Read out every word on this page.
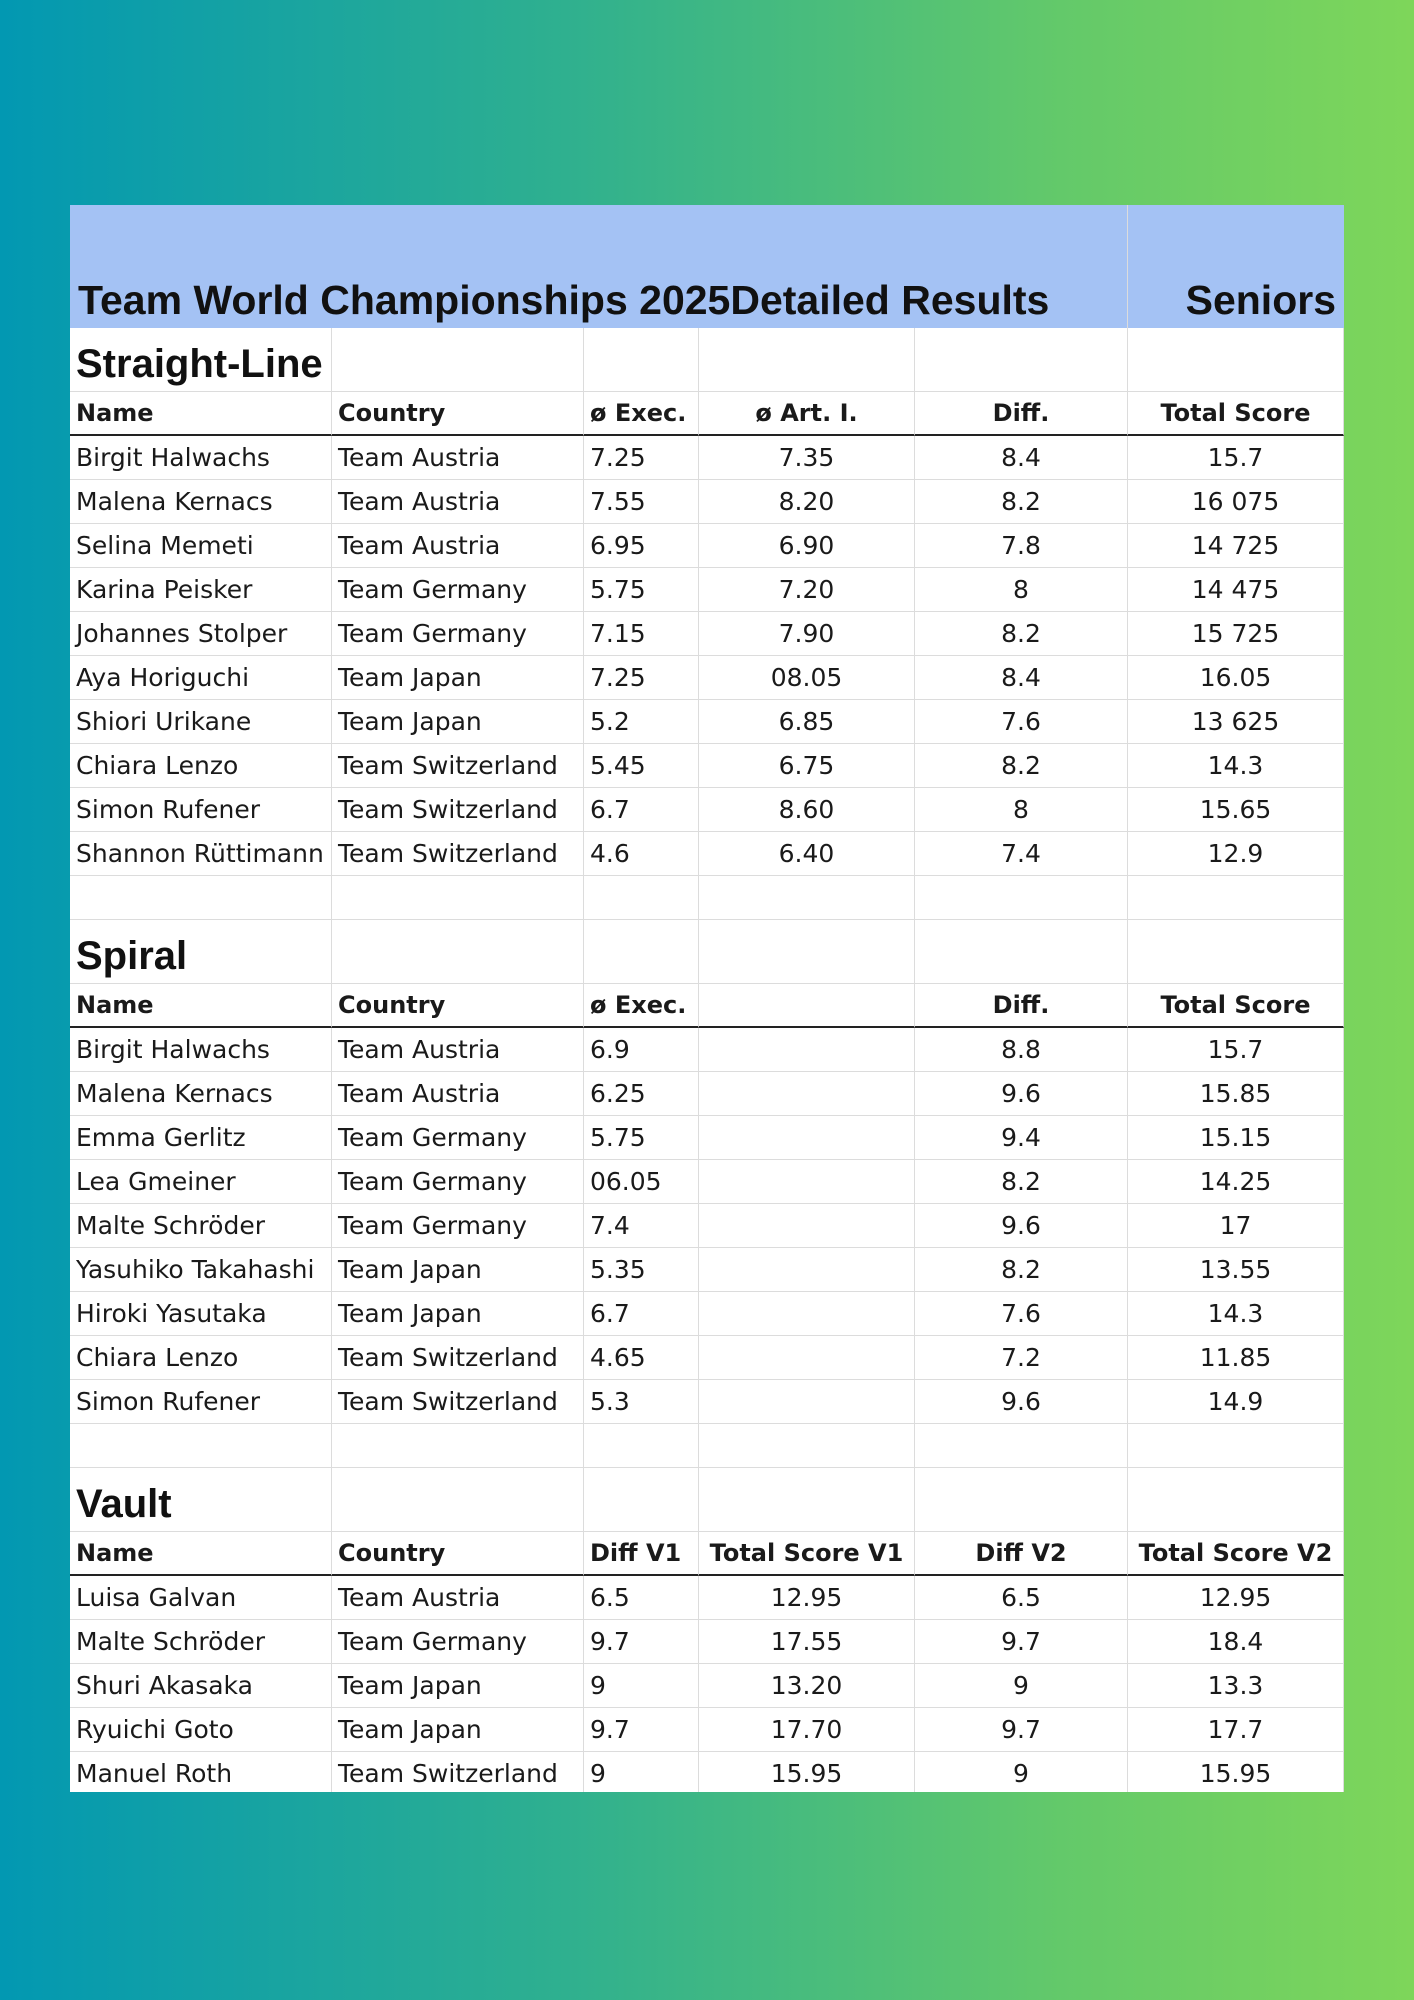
Team World Championships 2025Detailed Results	Seniors
Straight-Line
Name	Country	ø Exec.	ø Art. I.	Diff.	Total Score
Birgit Halwachs	Team Austria	7.25	7.35	8.4	15.7
Malena Kernacs	Team Austria	7.55	8.20	8.2	16 075
Selina Memeti	Team Austria	6.95	6.90	7.8	14 725
Karina Peisker	Team Germany	5.75	7.20	8	14 475
Johannes Stolper	Team Germany	7.15	7.90	8.2	15 725
Aya Horiguchi	Team Japan	7.25	08.05	8.4	16.05
Shiori Urikane	Team Japan	5.2	6.85	7.6	13 625
Chiara Lenzo	Team Switzerland	5.45	6.75	8.2	14.3
Simon Rufener	Team Switzerland	6.7	8.60	8	15.65
Shannon Rüttimann Team Switzerland	4.6	6.40	7.4	12.9
Spiral
Name	Country	ø Exec.	Diff.	Total Score
Birgit Halwachs	Team Austria	6.9	8.8	15.7
Malena Kernacs	Team Austria	6.25	9.6	15.85
Emma Gerlitz	Team Germany	5.75	9.4	15.15
Lea Gmeiner	Team Germany	06.05	8.2	14.25
Malte Schröder	Team Germany	7.4	9.6	17
Yasuhiko Takahashi Team Japan	5.35	8.2	13.55
Hiroki Yasutaka	Team Japan	6.7	7.6	14.3
Chiara Lenzo	Team Switzerland	4.65	7.2	11.85
Simon Rufener	Team Switzerland	5.3	9.6	14.9
Vault
Name	Country	Diff V1	Total Score V1	Diff V2	Total Score V2
Luisa Galvan	Team Austria	6.5	12.95	6.5	12.95
Malte Schröder	Team Germany	9.7	17.55	9.7	18.4
Shuri Akasaka	Team Japan	9	13.20	9	13.3
Ryuichi Goto	Team Japan	9.7	17.70	9.7	17.7
Manuel Roth	Team Switzerland	9	15.95	9	15.95
